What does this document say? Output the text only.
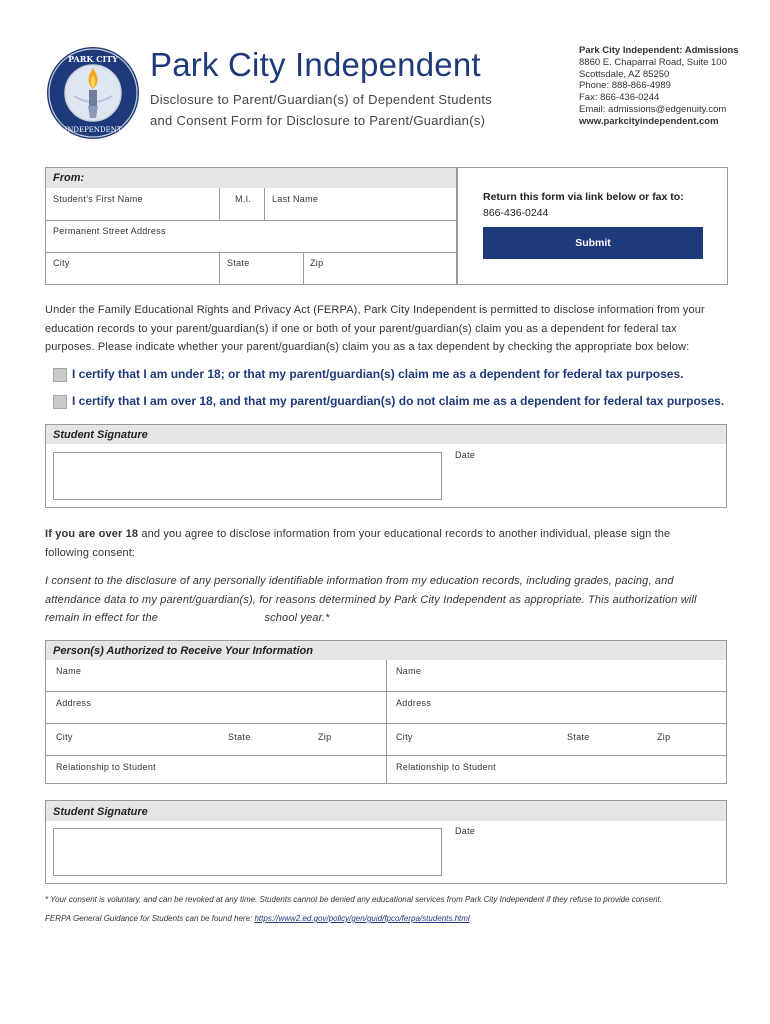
PARK CITY
INDEPENDENT
Park City Independent
Disclosure to Parent/Guardian(s) of Dependent Students
and Consent Form for Disclosure to Parent/Guardian(s)
Park City Independent: Admissions
8860 E. Chaparral Road, Suite 100
Scottsdale, AZ 85250
Phone: 888-866-4989
Fax: 866-436-0244
Email: admissions@edgenuity.com
www.parkcityindependent.com
From:
Student’s First Name	M.I. Last Name
Permanent Street Address
City	State	Zip
Return this form via link below or fax to:
866-436-0244
Submit
Under the Family Educational Rights and Privacy Act (FERPA), Park City Independent is permitted to disclose information from your
education records to your parent/guardian(s) if one or both of your parent/guardian(s) claim you as a dependent for federal tax
purposes. Please indicate whether your parent/guardian(s) claim you as a tax dependent by checking the appropriate box below:
I certify that I am under 18; or that my parent/guardian(s) claim me as a dependent for federal tax purposes.
I certify that I am over 18, and that my parent/guardian(s) do not claim me as a dependent for federal tax purposes.
Student Signature
Date
If you are over 18 and you agree to disclose information from your educational records to another individual, please sign the
following consent:
I consent to the disclosure of any personally identifiable information from my education records, including grades, pacing, and
attendance data to my parent/guardian(s), for reasons determined by Park City Independent as appropriate. This authorization will
remain in effect for the	school year.*
Person(s) Authorized to Receive Your Information
Name	Name
Address	Address
City	State	Zip	City	State	Zip
Relationship to Student	Relationship to Student
Student Signature
Date
* Your consent is voluntary, and can be revoked at any time. Students cannot be denied any educational services from Park City Independent if they refuse to provide consent.
FERPA General Guidance for Students can be found here: https://www2.ed.gov/policy/gen/guid/fpco/ferpa/students.html
